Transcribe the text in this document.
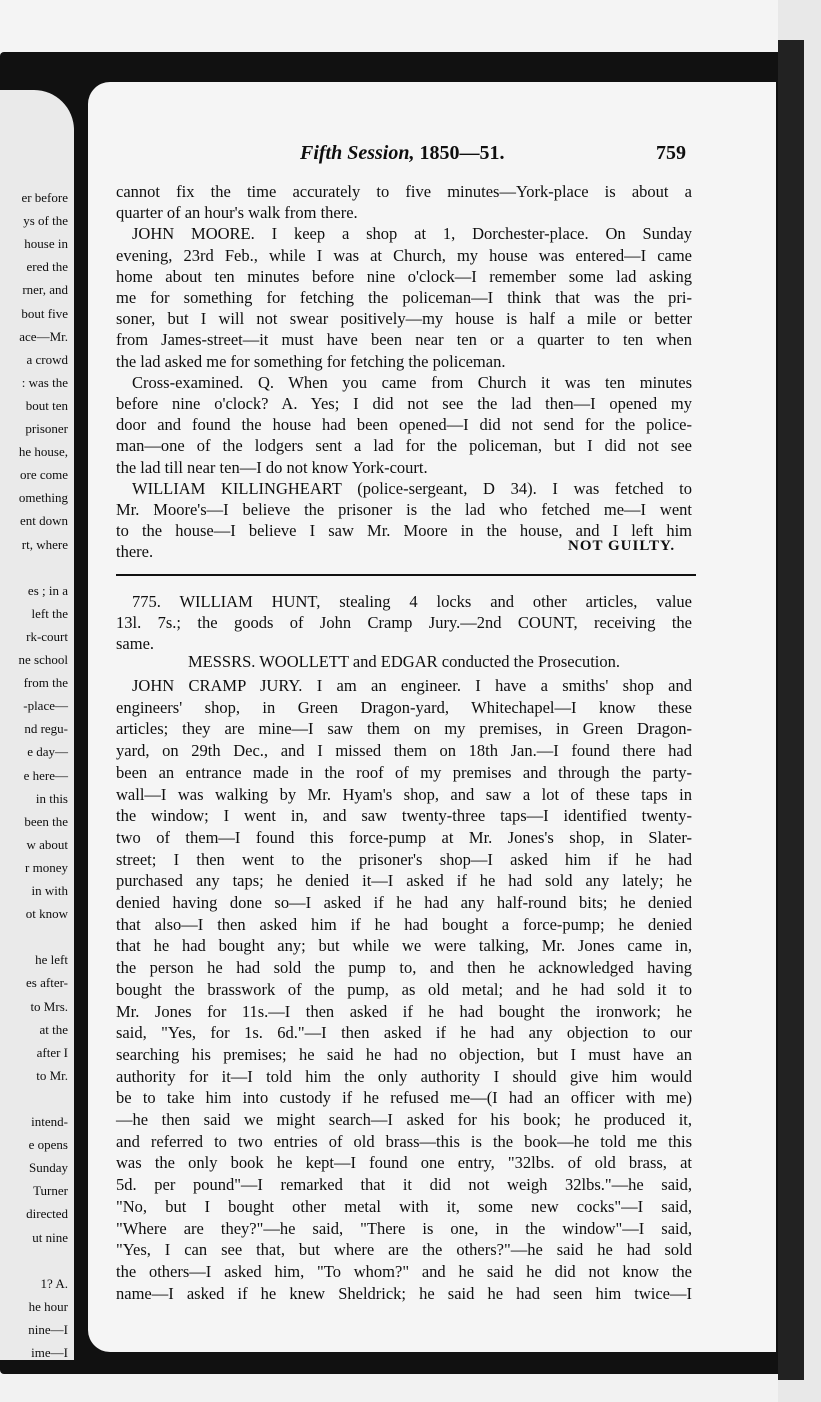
er before
ys of the
house in
ered the
rner, and
bout five
ace—Mr.
a crowd
: was the
bout ten
prisoner
he house,
ore come
omething
ent down
rt, where
es ; in a
left the
rk-court
ne school
from the
-place—
nd regu-
e day—
e here—
in this
been the
w about
r money
in with
ot know
he left
es after-
to Mrs.
at the
after I
to Mr.
intend-
e opens
Sunday
Turner
directed
ut nine
1? A.
he hour
nine—I
ime—I
Fifth Session, 1850—51.	759
cannot fix the time accurately to five minutes—York-place is about a
quarter of an hour's walk from there.
JOHN MOORE. I keep a shop at 1, Dorchester-place. On Sunday
evening, 23rd Feb., while I was at Church, my house was entered—I came
home about ten minutes before nine o'clock—I remember some lad asking
me for something for fetching the policeman—I think that was the pri-
soner, but I will not swear positively—my house is half a mile or better
from James-street—it must have been near ten or a quarter to ten when
the lad asked me for something for fetching the policeman.
Cross-examined. Q. When you came from Church it was ten minutes
before nine o'clock? A. Yes; I did not see the lad then—I opened my
door and found the house had been opened—I did not send for the police-
man—one of the lodgers sent a lad for the policeman, but I did not see
the lad till near ten—I do not know York-court.
WILLIAM KILLINGHEART (police-sergeant, D 34). I was fetched to
Mr. Moore's—I believe the prisoner is the lad who fetched me—I went
to the house—I believe I saw Mr. Moore in the house, and I left him
there.	NOT GUILTY.
775. WILLIAM HUNT, stealing 4 locks and other articles, value
13l. 7s.; the goods of John Cramp Jury.—2nd COUNT, receiving the
same.
MESSRS. WOOLLETT and EDGAR conducted the Prosecution.
JOHN CRAMP JURY. I am an engineer. I have a smiths' shop and
engineers' shop, in Green Dragon-yard, Whitechapel—I know these
articles; they are mine—I saw them on my premises, in Green Dragon-
yard, on 29th Dec., and I missed them on 18th Jan.—I found there had
been an entrance made in the roof of my premises and through the party-
wall—I was walking by Mr. Hyam's shop, and saw a lot of these taps in
the window; I went in, and saw twenty-three taps—I identified twenty-
two of them—I found this force-pump at Mr. Jones's shop, in Slater-
street; I then went to the prisoner's shop—I asked him if he had
purchased any taps; he denied it—I asked if he had sold any lately; he
denied having done so—I asked if he had any half-round bits; he denied
that also—I then asked him if he had bought a force-pump; he denied
that he had bought any; but while we were talking, Mr. Jones came in,
the person he had sold the pump to, and then he acknowledged having
bought the brasswork of the pump, as old metal; and he had sold it to
Mr. Jones for 11s.—I then asked if he had bought the ironwork; he
said, "Yes, for 1s. 6d."—I then asked if he had any objection to our
searching his premises; he said he had no objection, but I must have an
authority for it—I told him the only authority I should give him would
be to take him into custody if he refused me—(I had an officer with me)
—he then said we might search—I asked for his book; he produced it,
and referred to two entries of old brass—this is the book—he told me this
was the only book he kept—I found one entry, "32lbs. of old brass, at
5d. per pound"—I remarked that it did not weigh 32lbs."—he said,
"No, but I bought other metal with it, some new cocks"—I said,
"Where are they?"—he said, "There is one, in the window"—I said,
"Yes, I can see that, but where are the others?"—he said he had sold
the others—I asked him, "To whom?" and he said he did not know the
name—I asked if he knew Sheldrick; he said he had seen him twice—I
